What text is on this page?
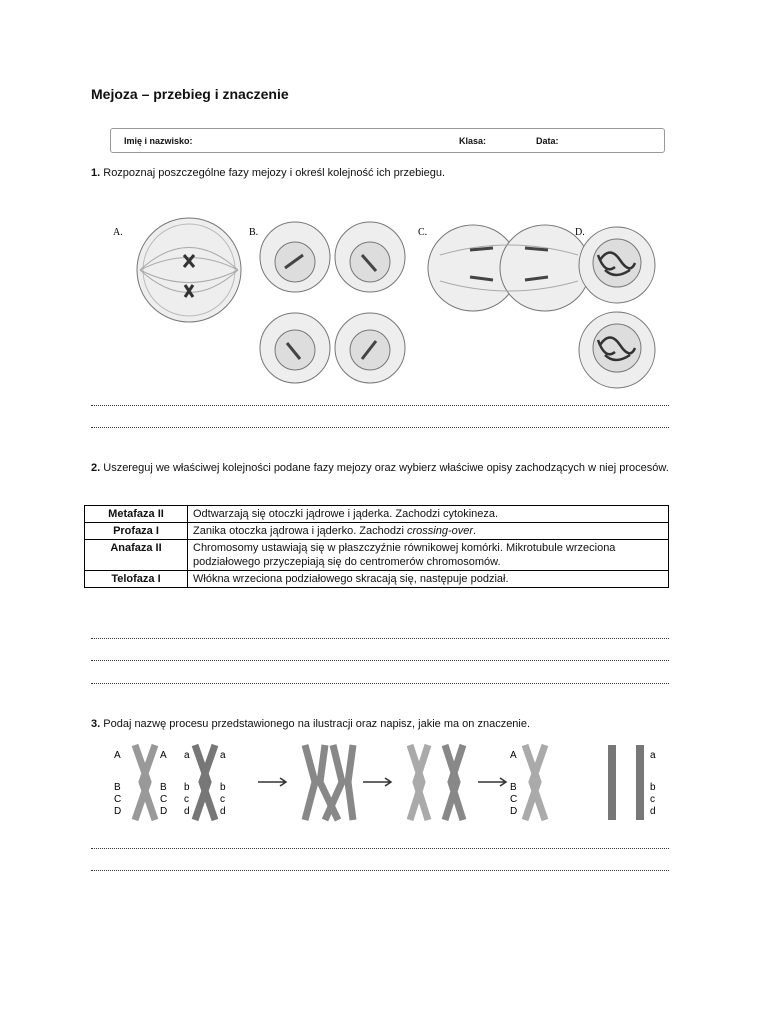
Mejoza – przebieg i znaczenie
Imię i nazwisko:	Klasa:	Data:
1. Rozpoznaj poszczególne fazy mejozy i określ kolejność ich przebiegu.
A.	B.	C.	D.
2. Uszereguj we właściwej kolejności podane fazy mejozy oraz wybierz właściwe opisy zachodzących w niej procesów.
Metafaza II	Odtwarzają się otoczki jądrowe i jąderka. Zachodzi cytokineza.
Profaza I	Zanika otoczka jądrowa i jąderko. Zachodzi crossing-over.
Anafaza II	Chromosomy ustawiają się w płaszczyźnie równikowej komórki. Mikrotubule wrzeciona podziałowego przyczepiają się do centromerów chromosomów.
Telofaza I	Włókna wrzeciona podziałowego skracają się, następuje podział.
3. Podaj nazwę procesu przedstawionego na ilustracji oraz napisz, jakie ma on znaczenie.
A
B
C
D
A
B
C
D
a
b
c
d
a
b
c
d
A
B
C
D
a
b
c
d
